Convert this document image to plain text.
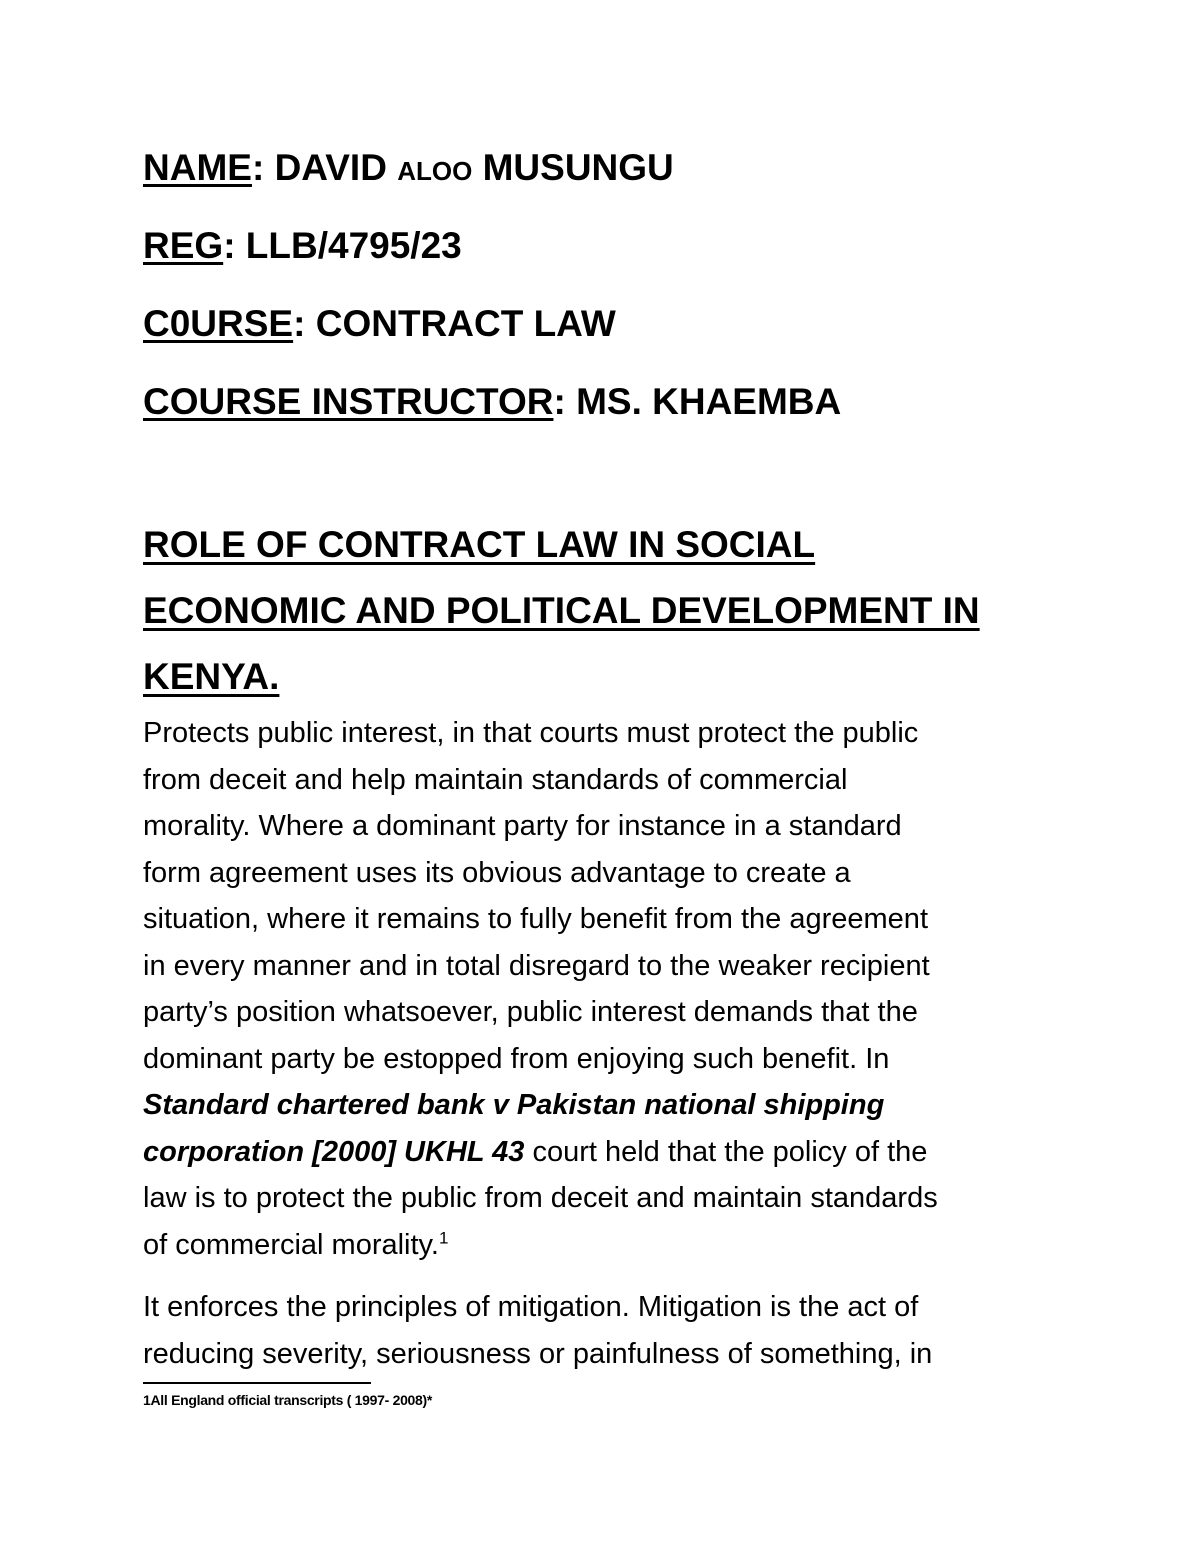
NAME: DAVID ALOO MUSUNGU
REG: LLB/4795/23
C0URSE: CONTRACT LAW
COURSE INSTRUCTOR: MS. KHAEMBA
ROLE OF CONTRACT LAW IN SOCIAL
ECONOMIC AND POLITICAL DEVELOPMENT IN
KENYA.
Protects public interest, in that courts must protect the public
from deceit and help maintain standards of commercial
morality. Where a dominant party for instance in a standard
form agreement uses its obvious advantage to create a
situation, where it remains to fully benefit from the agreement
in every manner and in total disregard to the weaker recipient
party’s position whatsoever, public interest demands that the
dominant party be estopped from enjoying such benefit. In
Standard chartered bank v Pakistan national shipping
corporation [2000] UKHL 43 court held that the policy of the
law is to protect the public from deceit and maintain standards
of commercial morality.$^1$
It enforces the principles of mitigation. Mitigation is the act of
reducing severity, seriousness or painfulness of something, in
1All England official transcripts ( 1997- 2008)*
